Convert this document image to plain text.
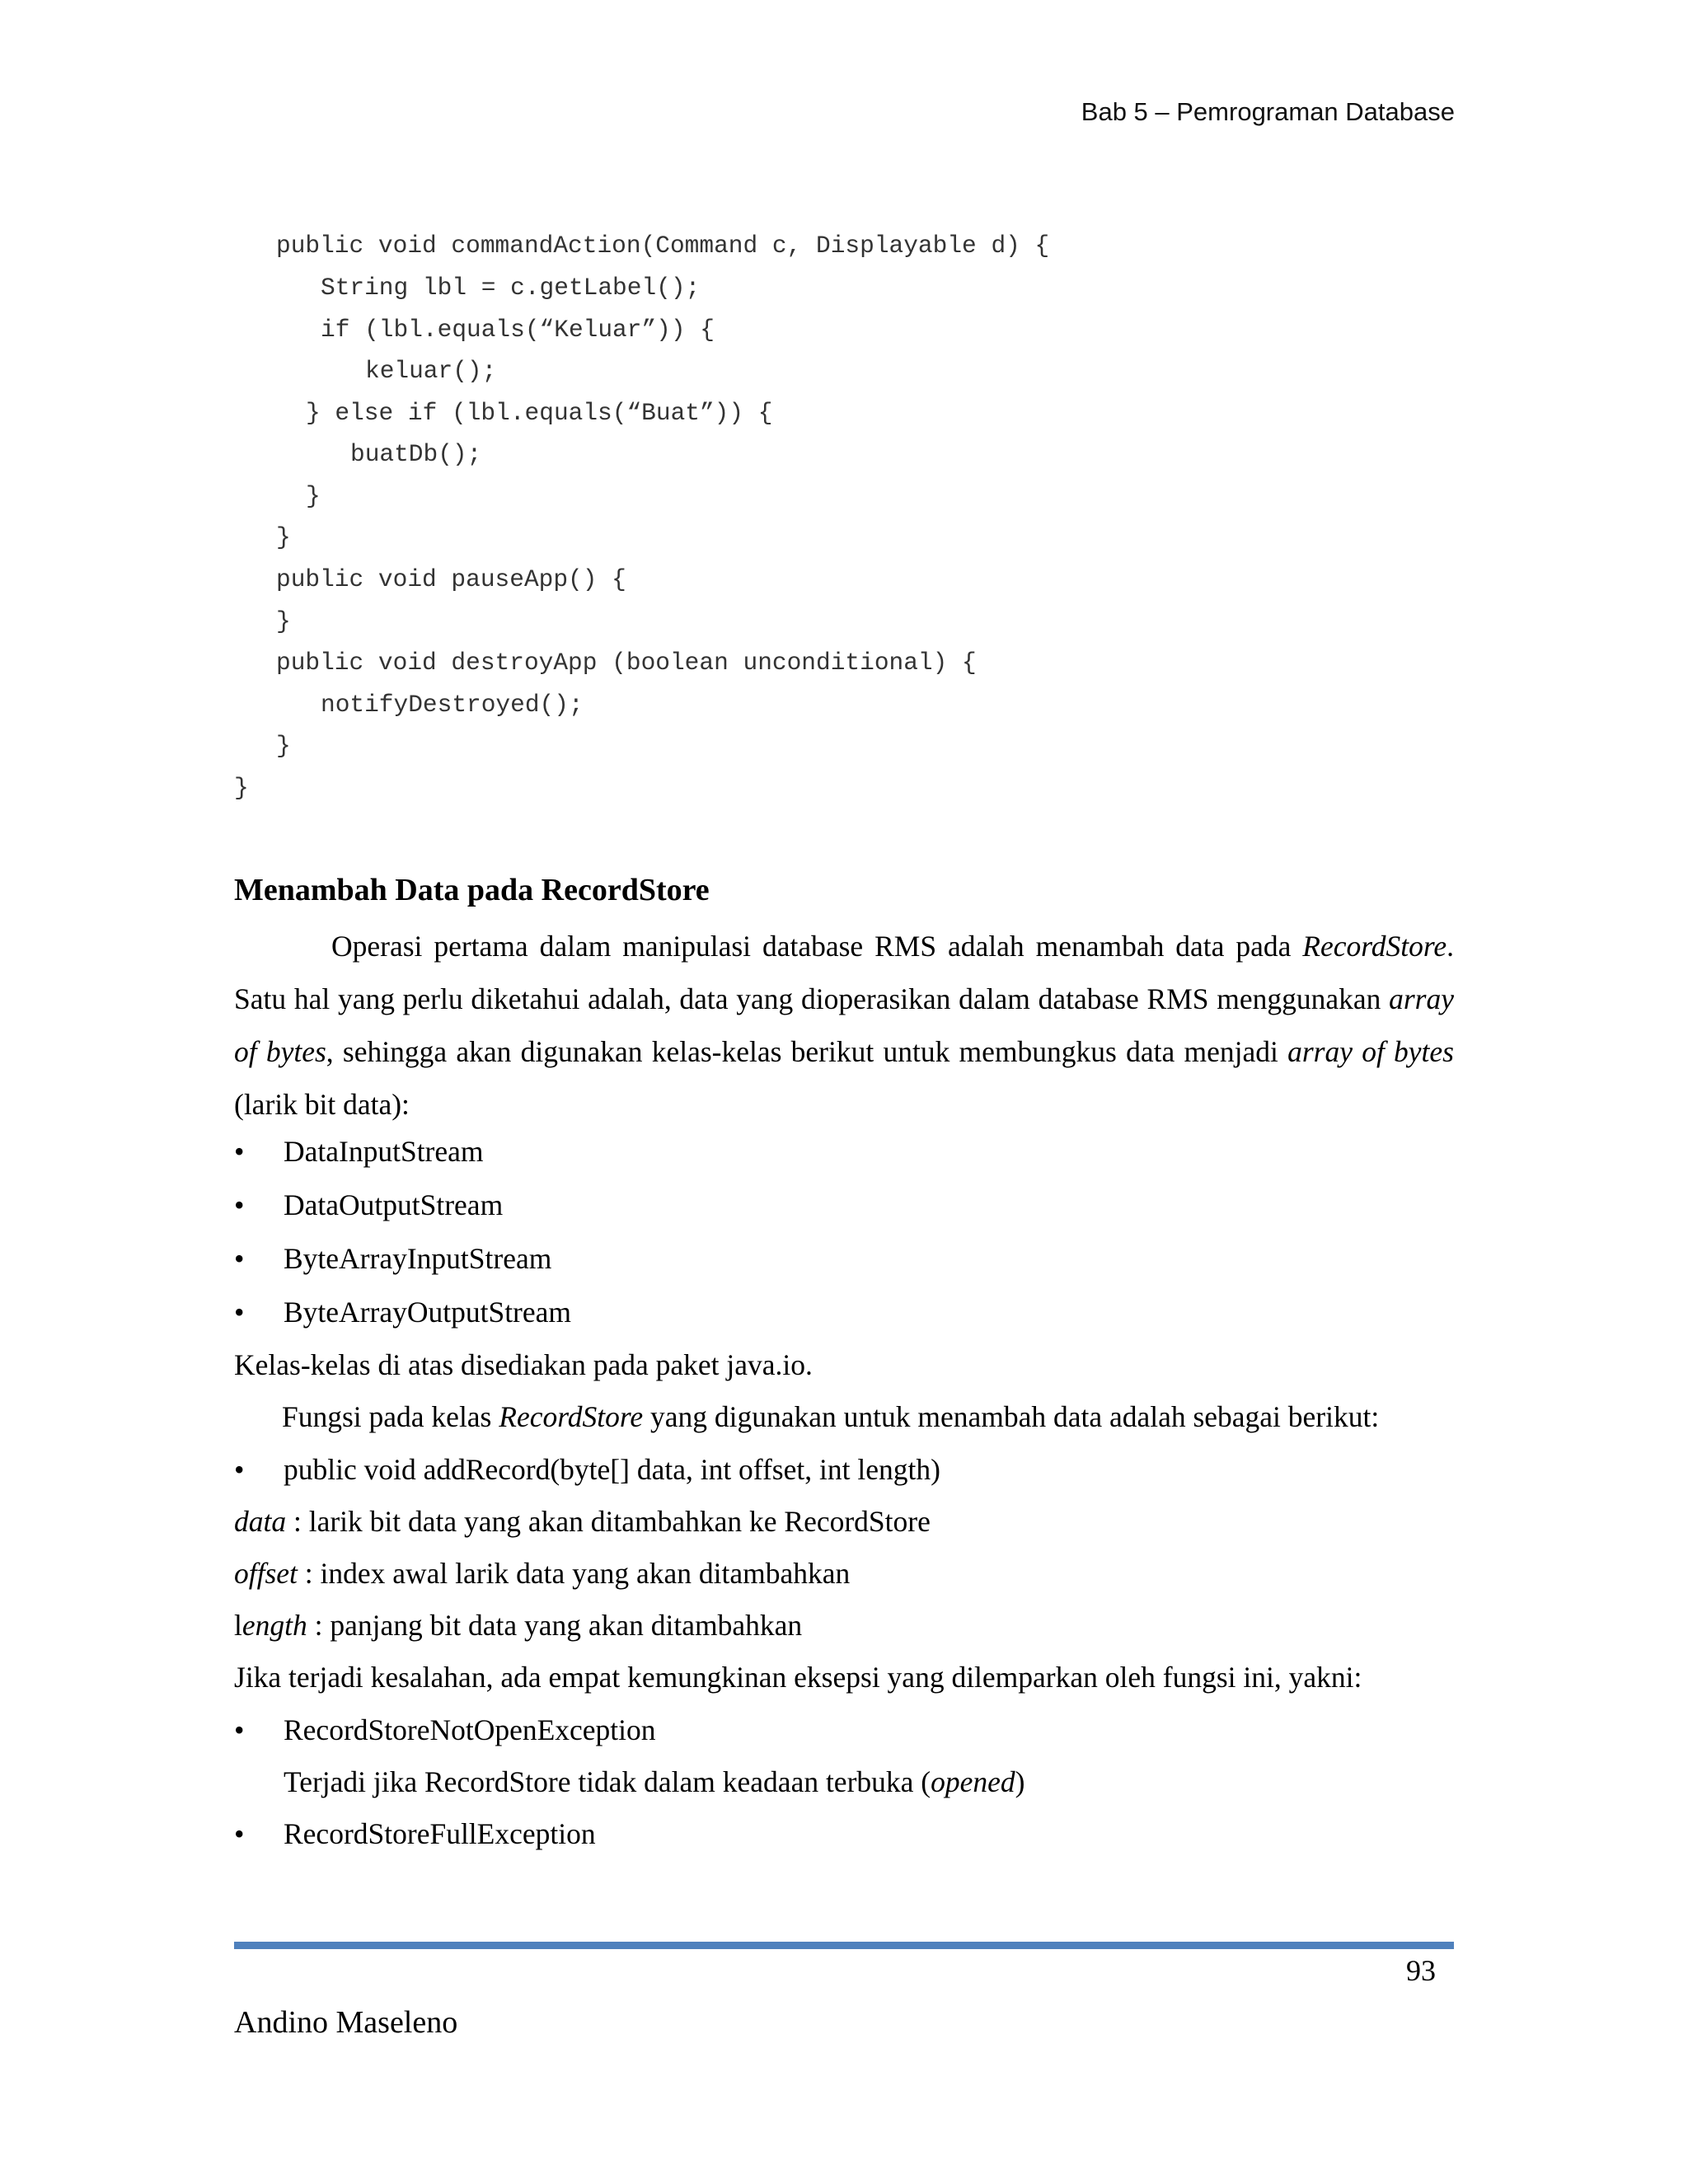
Bab 5 – Pemrograman Database
public void commandAction(Command c, Displayable d) {
String lbl = c.getLabel();
if (lbl.equals(“Keluar”)) {
keluar();
} else if (lbl.equals(“Buat”)) {
buatDb();
}
}
public void pauseApp() {
}
public void destroyApp (boolean unconditional) {
notifyDestroyed();
}
}
Menambah Data pada RecordStore

Operasi pertama dalam manipulasi database RMS adalah menambah data pada RecordStore. Satu hal yang perlu diketahui adalah, data yang dioperasikan dalam database RMS menggunakan array of bytes, sehingga akan digunakan kelas-kelas berikut untuk membungkus data menjadi array of bytes (larik bit data):

• DataInputStream
• DataOutputStream
• ByteArrayInputStream
• ByteArrayOutputStream
Kelas-kelas di atas disediakan pada paket java.io.
Fungsi pada kelas RecordStore yang digunakan untuk menambah data adalah sebagai berikut:
• public void addRecord(byte[] data, int offset, int length)
data : larik bit data yang akan ditambahkan ke RecordStore
offset : index awal larik data yang akan ditambahkan
length : panjang bit data yang akan ditambahkan
Jika terjadi kesalahan, ada empat kemungkinan eksepsi yang dilemparkan oleh fungsi ini, yakni:
• RecordStoreNotOpenException
Terjadi jika RecordStore tidak dalam keadaan terbuka (opened)
• RecordStoreFullException
93
Andino Maseleno
